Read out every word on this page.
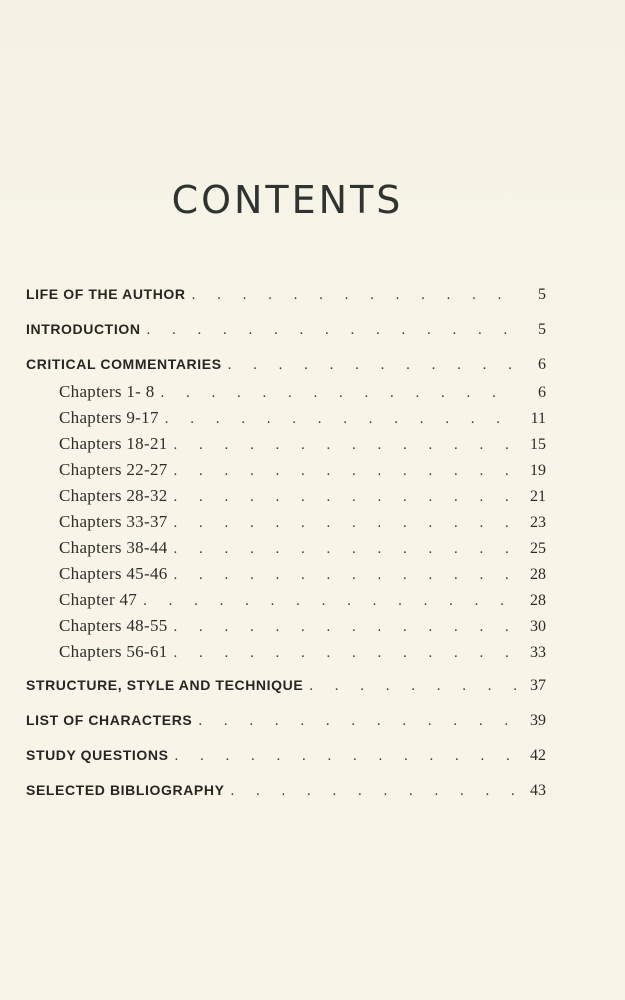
CONTENTS
LIFE OF THE AUTHOR . . .	5
INTRODUCTION . . .	5
CRITICAL COMMENTARIES . . .	6
Chapters 1- 8 . . .	6
Chapters 9-17 . . .	11
Chapters 18-21 . . .	15
Chapters 22-27 . . .	19
Chapters 28-32 . . .	21
Chapters 33-37 . . .	23
Chapters 38-44 . . .	25
Chapters 45-46 . . .	28
Chapter 47 . . .	28
Chapters 48-55 . . .	30
Chapters 56-61 . . .	33
STRUCTURE, STYLE AND TECHNIQUE . . .	37
LIST OF CHARACTERS . . .	39
STUDY QUESTIONS . . .	42
SELECTED BIBLIOGRAPHY . . .	43
